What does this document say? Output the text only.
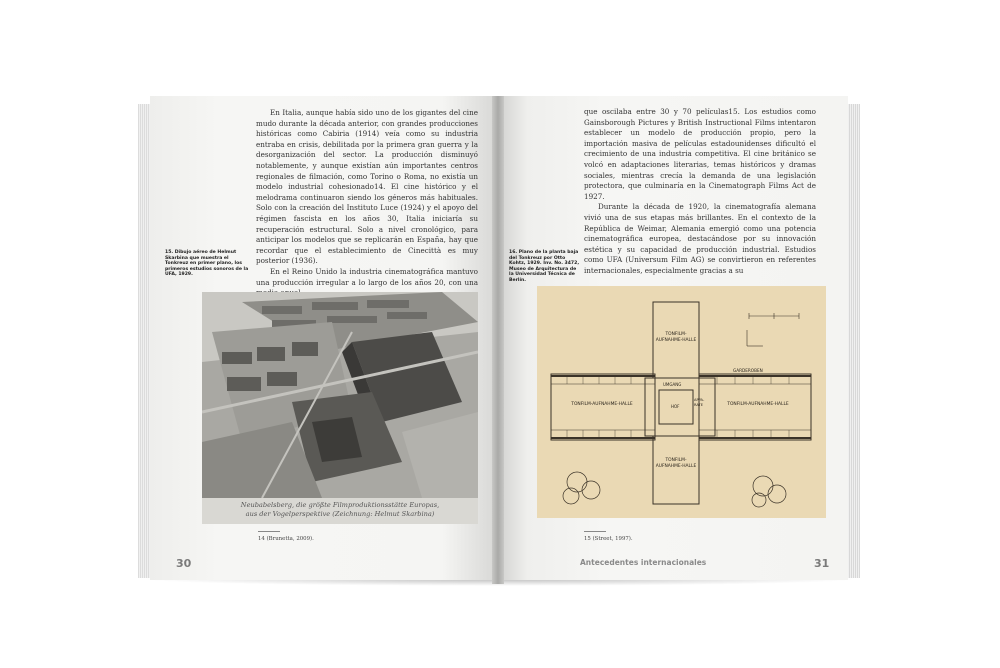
En Italia, aunque había sido uno de los gigantes del cine mudo durante la década anterior, con grandes producciones históricas como Cabiria (1914) veía como su industria entraba en crisis, debilitada por la primera gran guerra y la desorganización del sector. La producción disminuyó notablemente, y aunque existían aún importantes centros regionales de filmación, como Torino o Roma, no existía un modelo industrial cohesionado14. El cine histórico y el melodrama continuaron siendo los géneros más habituales. Solo con la creación del Instituto Luce (1924) y el apoyo del régimen fascista en los años 30, Italia iniciaría su recuperación estructural. Solo a nivel cronológico, para anticipar los modelos que se replicarán en España, hay que recordar que el establecimiento de Cinecittà es muy posterior (1936).

En el Reino Unido la industria cinematográfica mantuvo una producción irregular a lo largo de los años 20, con una

15. Dibujo aéreo de Helmut Skarbina que muestra el Tonkreuz en primer plano, los primeros estudios sonoros de la UFA, 1929.
Neubabelsberg, die größte Filmproduktionsstätte Europas,
aus der Vogelperspektive (Zeichnung: Helmut Skarbina)
14 (Brunetta, 2009).
30

que oscilaba entre 30 y 70 películas15. Los estudios como Gainsborough Pictures y British Instructional Films intentaron establecer un modelo de producción propio, pero la importación masiva de películas estadounidenses dificultó el crecimiento de una industria competitiva. El cine británico se volcó en adaptaciones literarias, temas históricos y dramas sociales, mientras crecía la demanda de una legislación protectora, que culminaría en la Cinematograph Films Act de 1927.

Durante la década de 1920, la cinematografía alemana vivió una de sus etapas más brillantes. En el contexto de la República de Weimar, Alemania emergió como una potencia cinematográfica europea, destacándose por su innovación estética y su capacidad de producción industrial. Estudios como UFA (Universum Film AG) se convirtieron en referentes internacionales, especialmente gracias a su

16. Plano de la planta baja del Tonkreuz por Otto Kohtz, 1929. Inv. No. 3472, Museo de Arquitectura de la Universidad Técnica de Berlín.
TONFILM-AUFNAHME-HALLE
TONFILM-AUFNAHME-HALLE	TONFILM-AUFNAHME-HALLE
TONFILM-AUFNAHME-HALLE
GARDEROBEN
UMGANG
HOF
APPA-RATE
15 (Street, 1997).
Antecedentes internacionales	31
